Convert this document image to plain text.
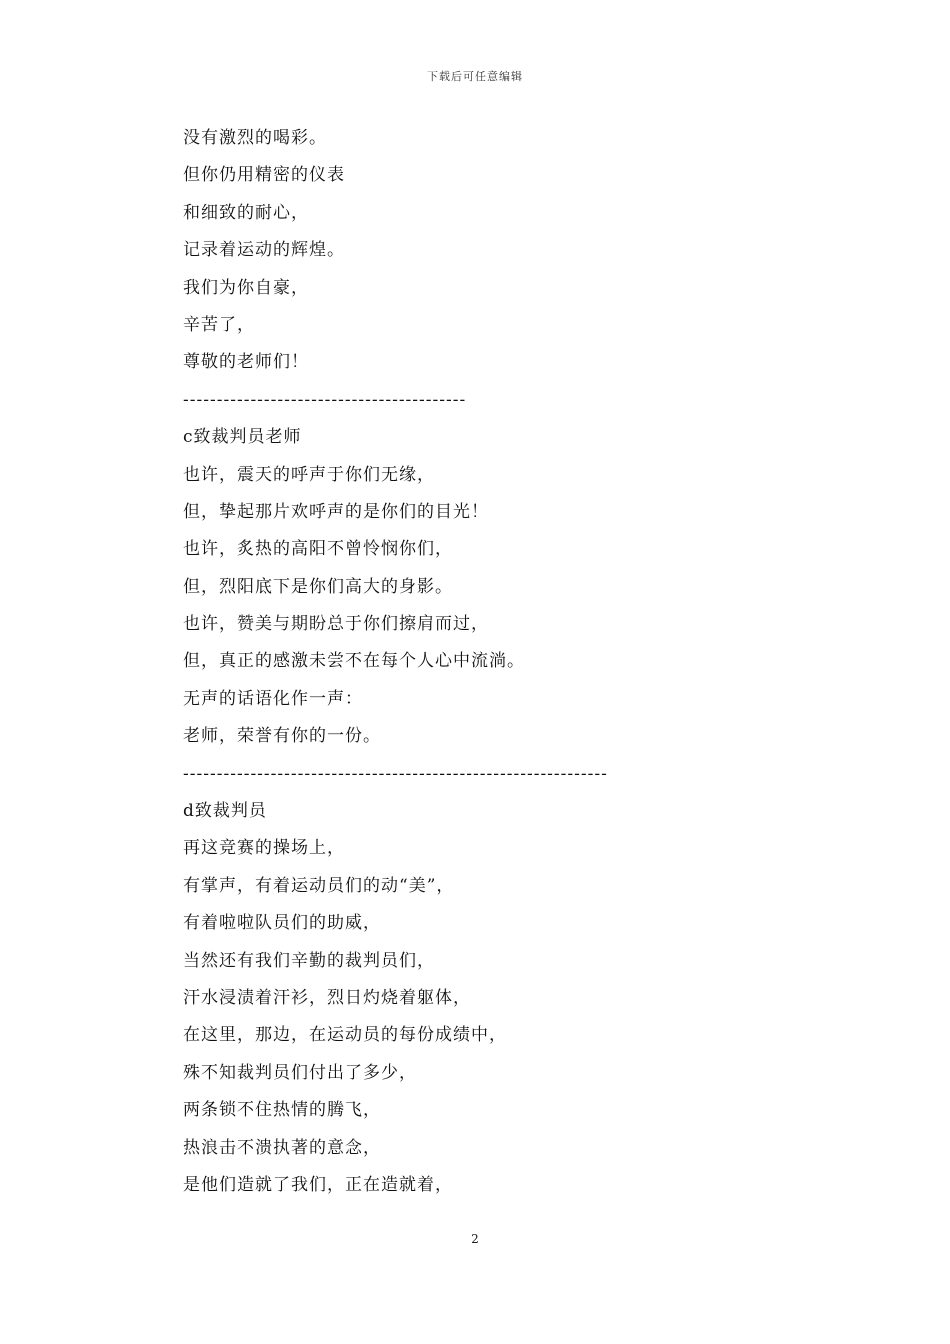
下载后可任意编辑
没有激烈的喝彩。
但你仍用精密的仪表
和细致的耐心，
记录着运动的辉煌。
我们为你自豪，
辛苦了，
尊敬的老师们！
------------------------------------------
c致裁判员老师
也许，震天的呼声于你们无缘，
但，挚起那片欢呼声的是你们的目光！
也许，炙热的高阳不曾怜悯你们，
但，烈阳底下是你们高大的身影。
也许，赞美与期盼总于你们擦肩而过，
但，真正的感激未尝不在每个人心中流淌。
无声的话语化作一声：
老师，荣誉有你的一份。
---------------------------------------------------------------
d致裁判员
再这竞赛的操场上，
有掌声，有着运动员们的动“美”，
有着啦啦队员们的助威，
当然还有我们辛勤的裁判员们，
汗水浸渍着汗衫，烈日灼烧着躯体，
在这里，那边，在运动员的每份成绩中，
殊不知裁判员们付出了多少，
两条锁不住热情的腾飞，
热浪击不溃执著的意念，
是他们造就了我们，正在造就着，
2
